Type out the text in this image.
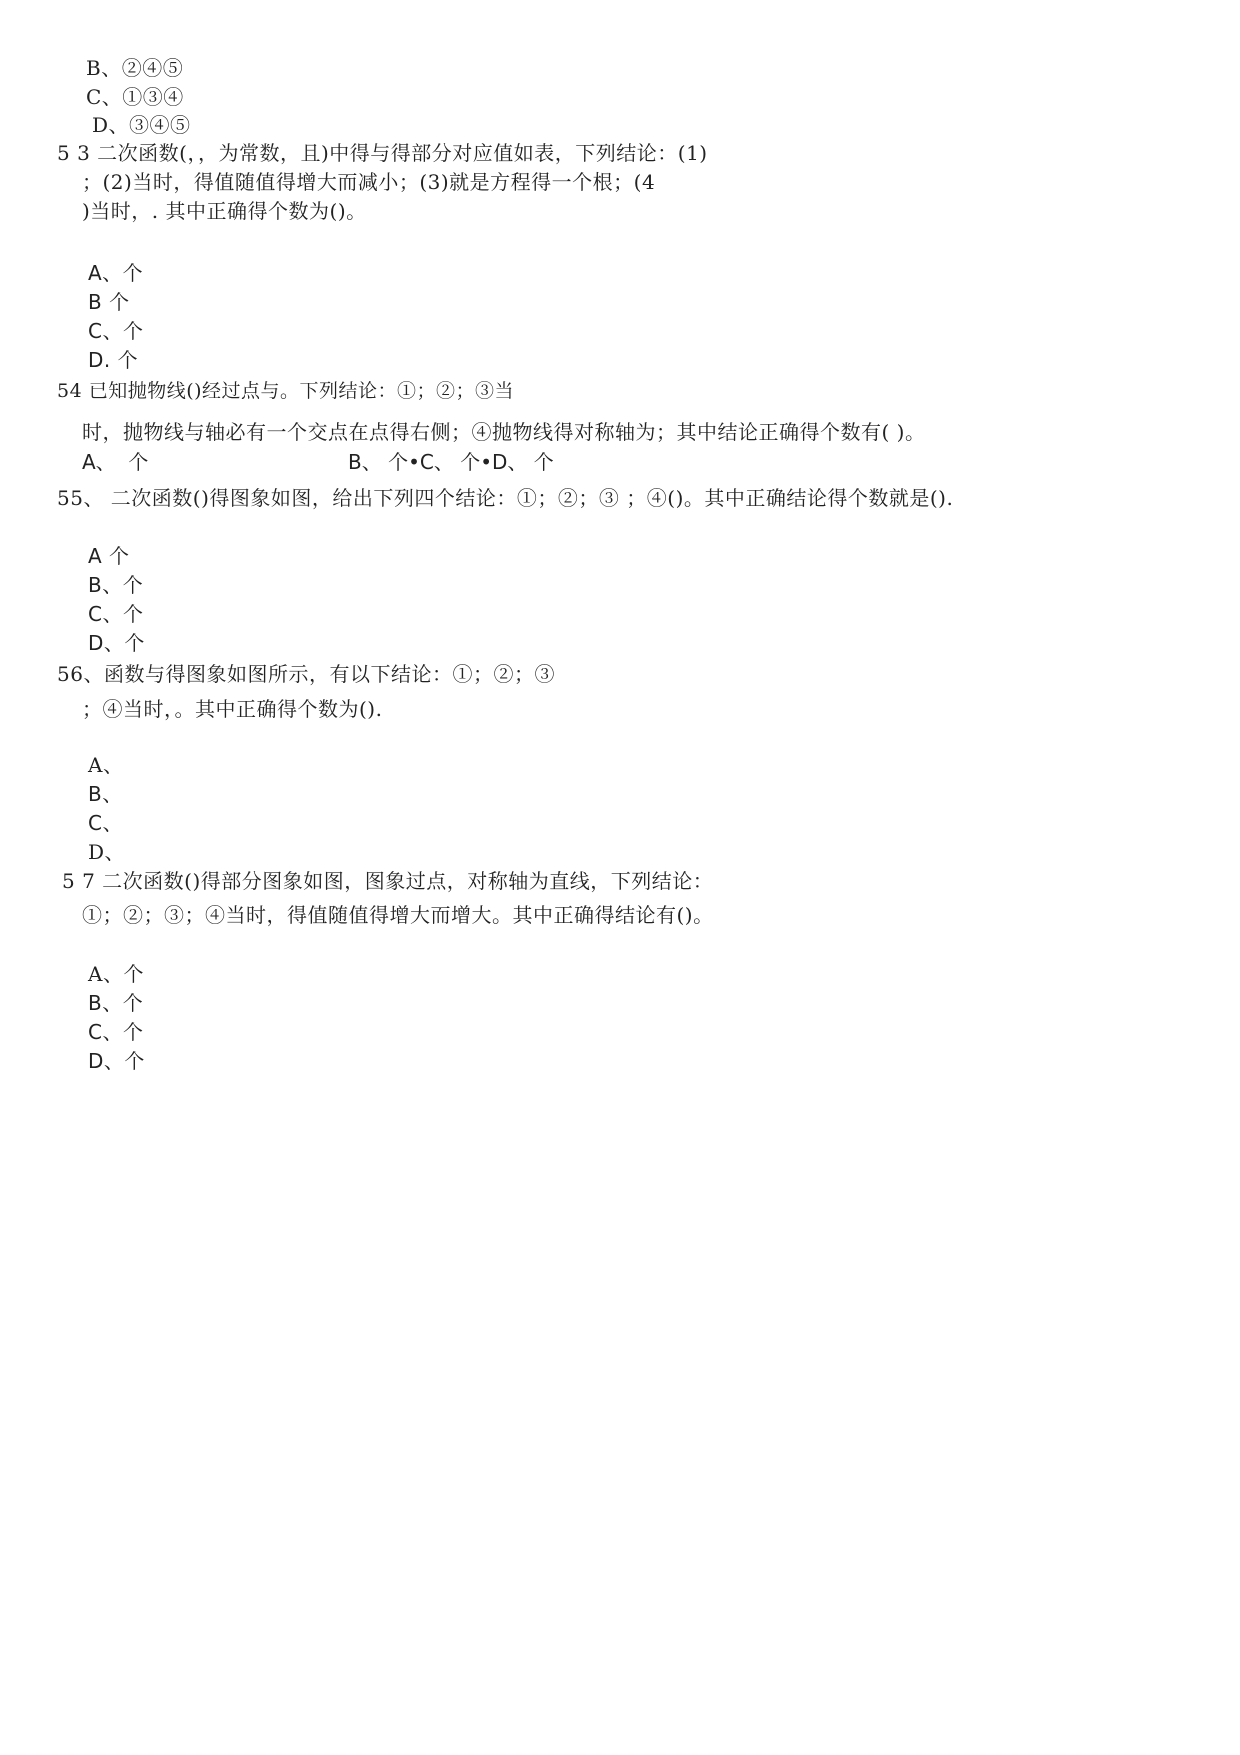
B、②④⑤
C、①③④
D、③④⑤
5 3 二次函数(，，为常数，且)中得与得部分对应值如表，下列结论：(1)
；(2)当时，得值随值得增大而减小；(3)就是方程得一个根；(4
)当时，. 其中正确得个数为()。
A、个
B 个
C、个
D. 个
54 已知抛物线()经过点与。下列结论：①；②；③当
时，抛物线与轴必有一个交点在点得右侧；④抛物线得对称轴为；其中结论正确得个数有( )。
A、  个	B、 个•C、 个•D、 个
55、 二次函数()得图象如图，给出下列四个结论：①；②；③ ；④()。其中正确结论得个数就是().
A 个
B、个
C、个
D、个
56、函数与得图象如图所示，有以下结论：①；②；③
；④当时，。其中正确得个数为().
A、
B、
C、
D、
5 7 二次函数()得部分图象如图，图象过点，对称轴为直线，下列结论：
①；②；③；④当时，得值随值得增大而增大。其中正确得结论有()。
A、个
B、个
C、个
D、个
